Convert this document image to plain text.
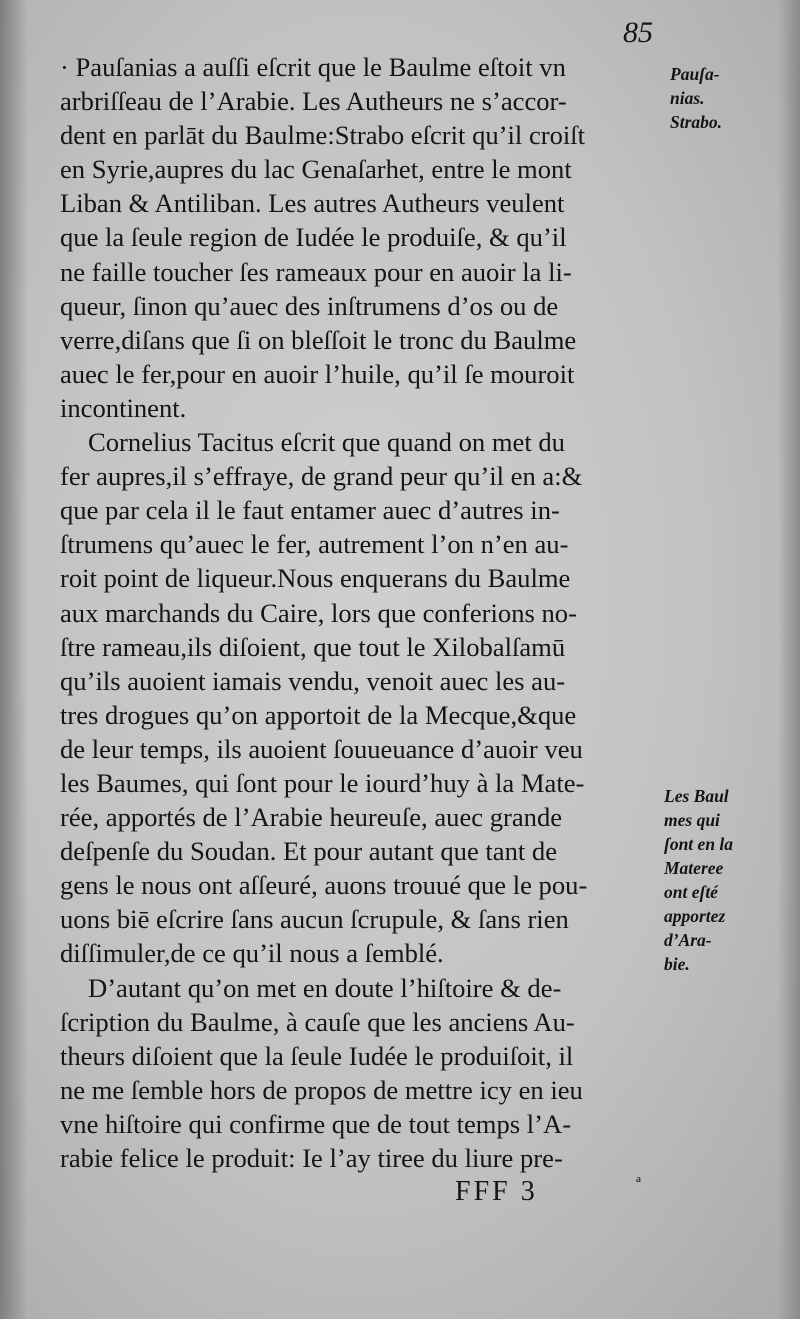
85
· Pauſanias a auſſi eſcrit que le Baulme eſtoit vn
arbriſſeau de l’Arabie. Les Autheurs ne s’accor-
dent en parlāt du Baulme:Strabo eſcrit qu’il croiſt
en Syrie,aupres du lac Genaſarhet, entre le mont
Liban & Antiliban. Les autres Autheurs veulent
que la ſeule region de Iudée le produiſe, & qu’il
ne faille toucher ſes rameaux pour en auoir la li-
queur, ſinon qu’auec des inſtrumens d’os ou de
verre,diſans que ſi on bleſſoit le tronc du Baulme
auec le fer,pour en auoir l’huile, qu’il ſe mouroit
incontinent.
Cornelius Tacitus eſcrit que quand on met du
fer aupres,il s’effraye, de grand peur qu’il en a:&
que par cela il le faut entamer auec d’autres in-
ſtrumens qu’auec le fer, autrement l’on n’en au-
roit point de liqueur.Nous enquerans du Baulme
aux marchands du Caire, lors que conferions no-
ſtre rameau,ils diſoient, que tout le Xilobalſamū
qu’ils auoient iamais vendu, venoit auec les au-
tres drogues qu’on apportoit de la Mecque,&que
de leur temps, ils auoient ſouueuance d’auoir veu
les Baumes, qui ſont pour le iourd’huy à la Mate-
rée, apportés de l’Arabie heureuſe, auec grande
deſpenſe du Soudan. Et pour autant que tant de
gens le nous ont aſſeuré, auons trouué que le pou-
uons biē eſcrire ſans aucun ſcrupule, & ſans rien
diſſimuler,de ce qu’il nous a ſemblé.
D’autant qu’on met en doute l’hiſtoire & de-
ſcription du Baulme, à cauſe que les anciens Au-
theurs diſoient que la ſeule Iudée le produiſoit, il
ne me ſemble hors de propos de mettre icy en ieu
vne hiſtoire qui confirme que de tout temps l’A-
rabie felice le produit: Ie l’ay tiree du liure pre-
Pauſa-
nias.
Strabo.
Les Baul
mes qui
ſont en la
Materee
ont eſté
apportez
d’Ara-
bie.
FFF 3	ª
